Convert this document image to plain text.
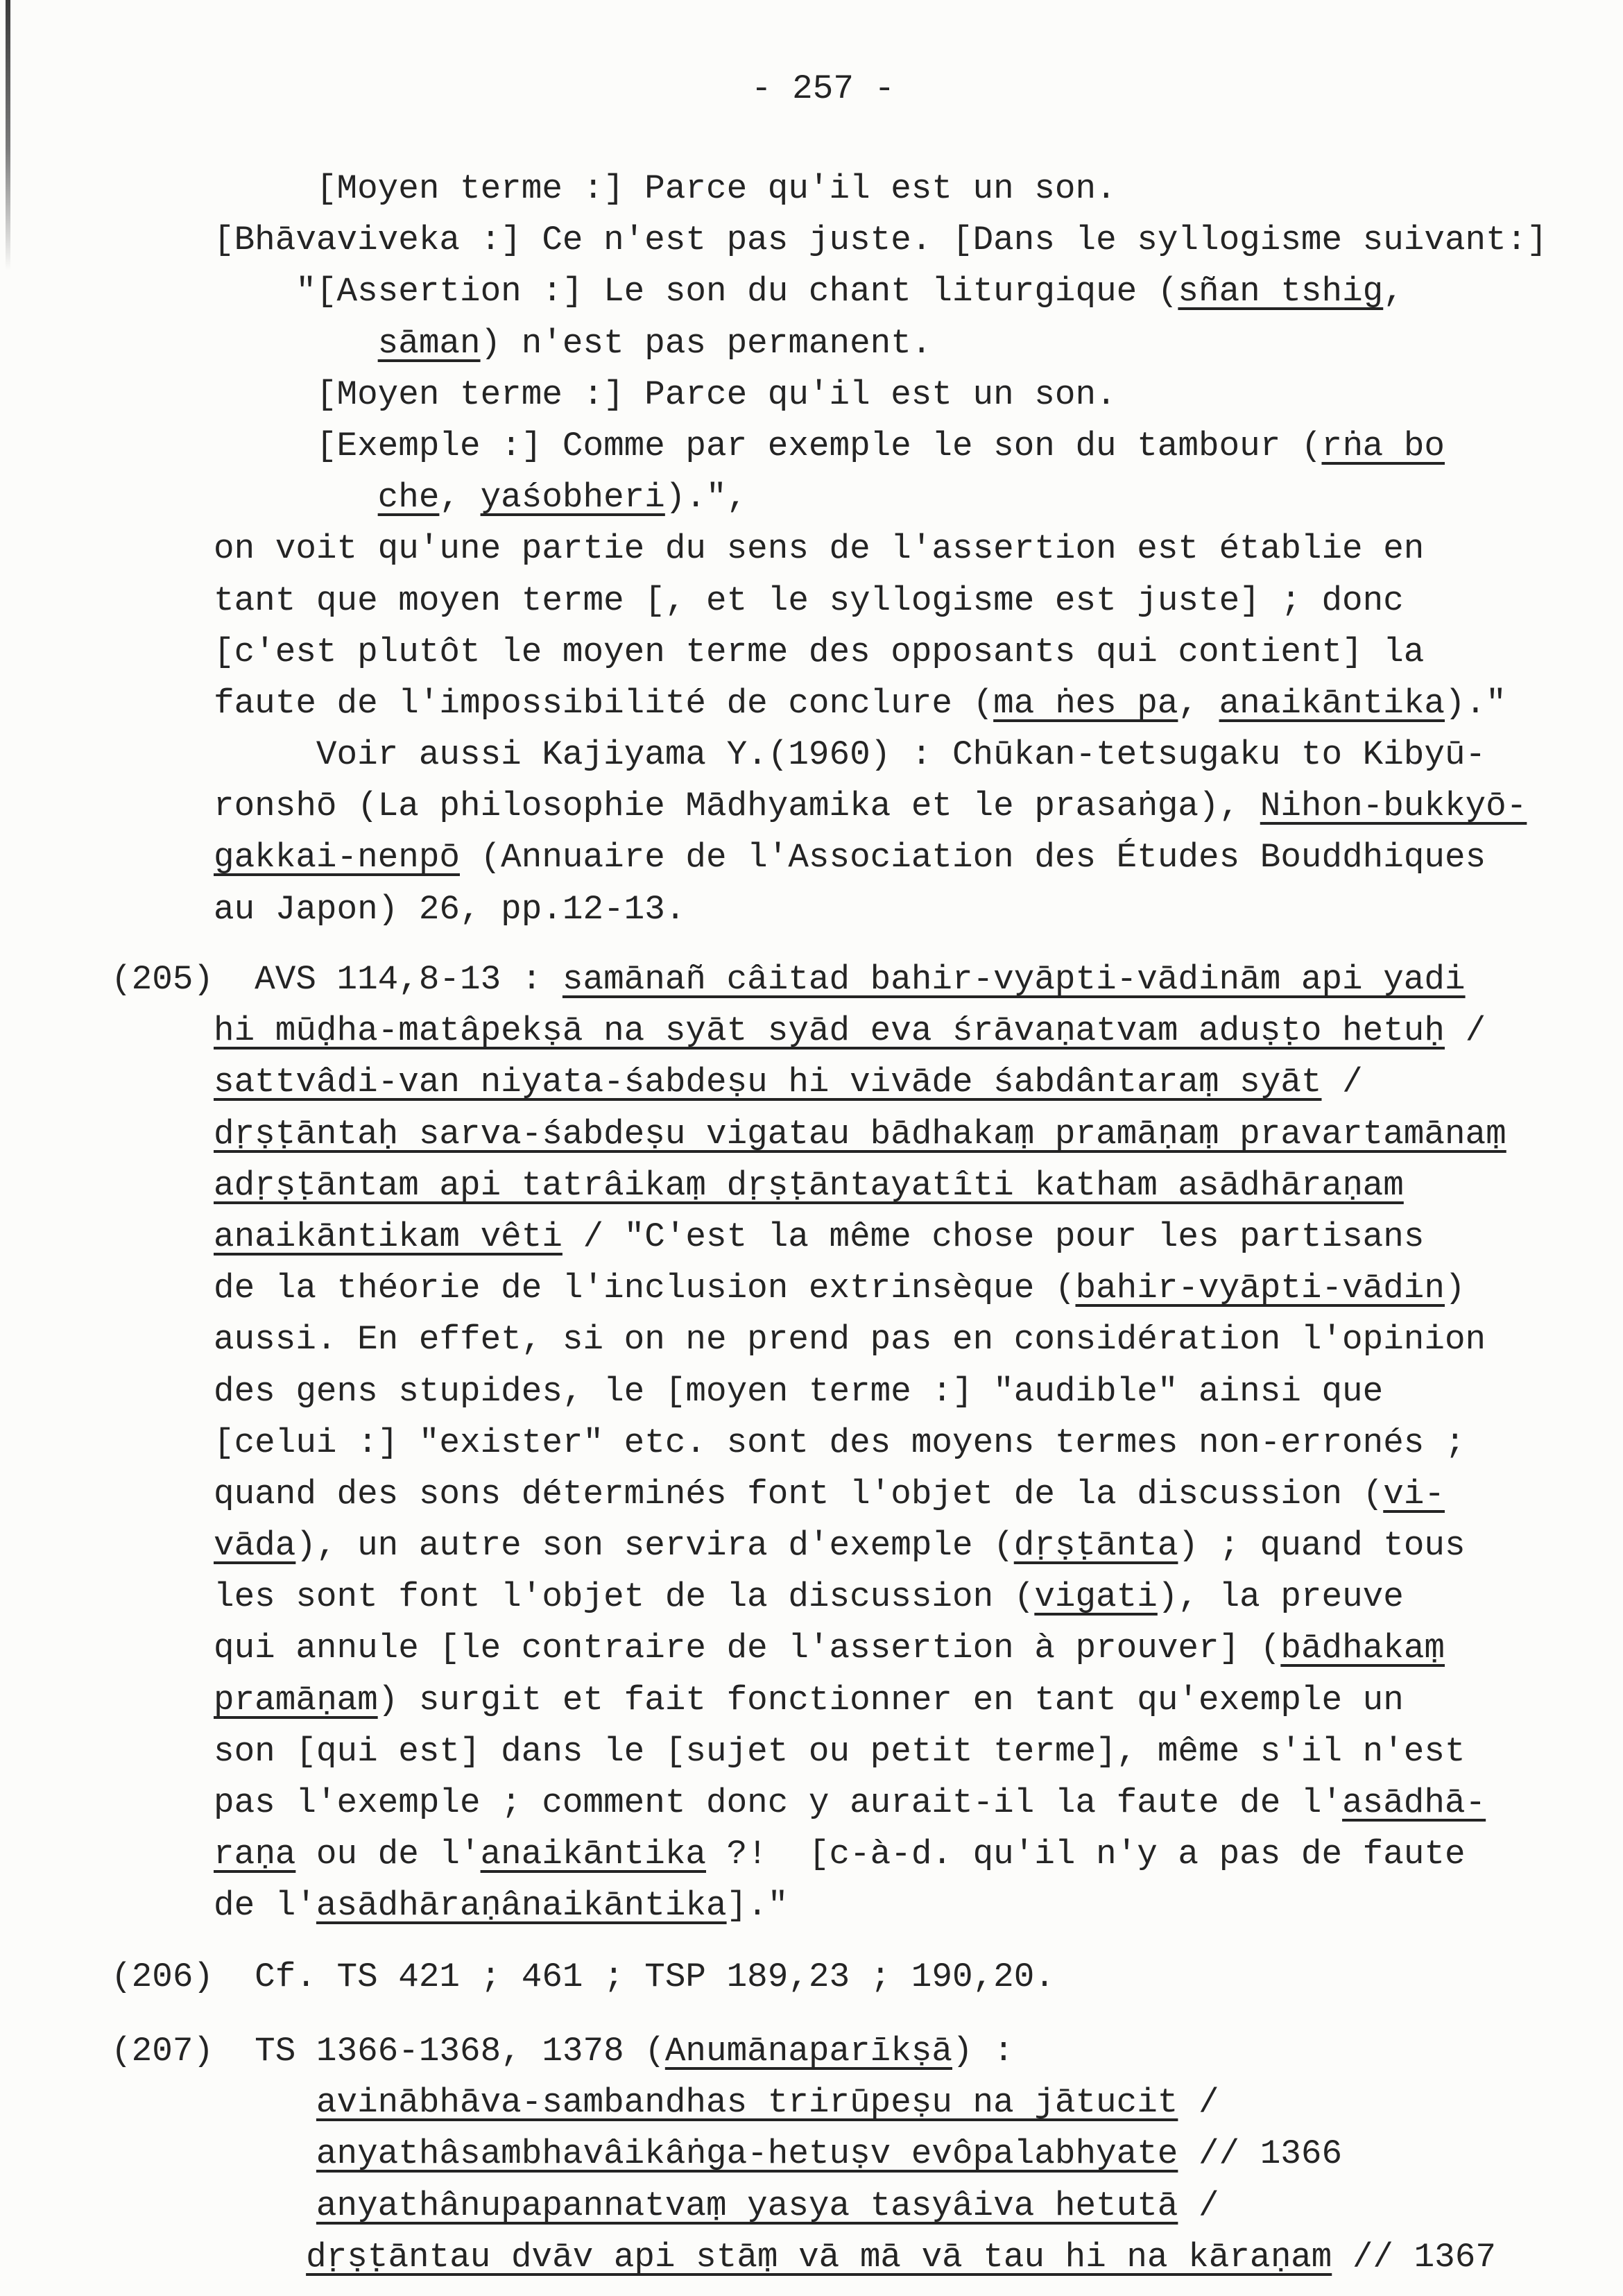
- 257 -
[Moyen terme :] Parce qu'il est un son.
[Bhāvaviveka :] Ce n'est pas juste. [Dans le syllogisme suivant:]
"[Assertion :] Le son du chant liturgique (sñan tshig,
sāman) n'est pas permanent.
[Moyen terme :] Parce qu'il est un son.
[Exemple :] Comme par exemple le son du tambour (rṅa bo
che, yaśobheri).",
on voit qu'une partie du sens de l'assertion est établie en
tant que moyen terme [, et le syllogisme est juste] ; donc
[c'est plutôt le moyen terme des opposants qui contient] la
faute de l'impossibilité de conclure (ma ṅes pa, anaikāntika)."
Voir aussi Kajiyama Y.(1960) : Chūkan-tetsugaku to Kibyū-
ronshō (La philosophie Mādhyamika et le prasaṅga), Nihon-bukkyō-
gakkai-nenpō (Annuaire de l'Association des Études Bouddhiques
au Japon) 26, pp.12-13.
(205)	AVS 114,8-13 : samānañ câitad bahir-vyāpti-vādinām api yadi
hi mūḍha-matâpekṣā na syāt syād eva śrāvaṇatvam aduṣṭo hetuḥ /
sattvâdi-van niyata-śabdeṣu hi vivāde śabdântaraṃ syāt /
dṛṣṭāntaḥ sarva-śabdeṣu vigatau bādhakaṃ pramāṇaṃ pravartamānaṃ
adṛṣṭāntam api tatrâikaṃ dṛṣṭāntayatîti katham asādhāraṇam
anaikāntikam vêti / "C'est la même chose pour les partisans
de la théorie de l'inclusion extrinsèque (bahir-vyāpti-vādin)
aussi. En effet, si on ne prend pas en considération l'opinion
des gens stupides, le [moyen terme :] "audible" ainsi que
[celui :] "exister" etc. sont des moyens termes non-erronés ;
quand des sons déterminés font l'objet de la discussion (vi-
vāda), un autre son servira d'exemple (dṛṣṭānta) ; quand tous
les sont font l'objet de la discussion (vigati), la preuve
qui annule [le contraire de l'assertion à prouver] (bādhakaṃ
pramāṇam) surgit et fait fonctionner en tant qu'exemple un
son [qui est] dans le [sujet ou petit terme], même s'il n'est
pas l'exemple ; comment donc y aurait-il la faute de l'asādhā-
raṇa ou de l'anaikāntika ?!  [c-à-d. qu'il n'y a pas de faute
de l'asādhāraṇânaikāntika]."
(206)	Cf. TS 421 ; 461 ; TSP 189,23 ; 190,20.
(207)	TS 1366-1368, 1378 (Anumānaparīkṣā) :
avinābhāva-sambandhas trirūpeṣu na jātucit /
anyathâsambhavâikâṅga-hetuṣv evôpalabhyate // 1366
anyathânupapannatvaṃ yasya tasyâiva hetutā /
dṛṣṭāntau dvāv api stāṃ vā mā vā tau hi na kāraṇam // 1367
